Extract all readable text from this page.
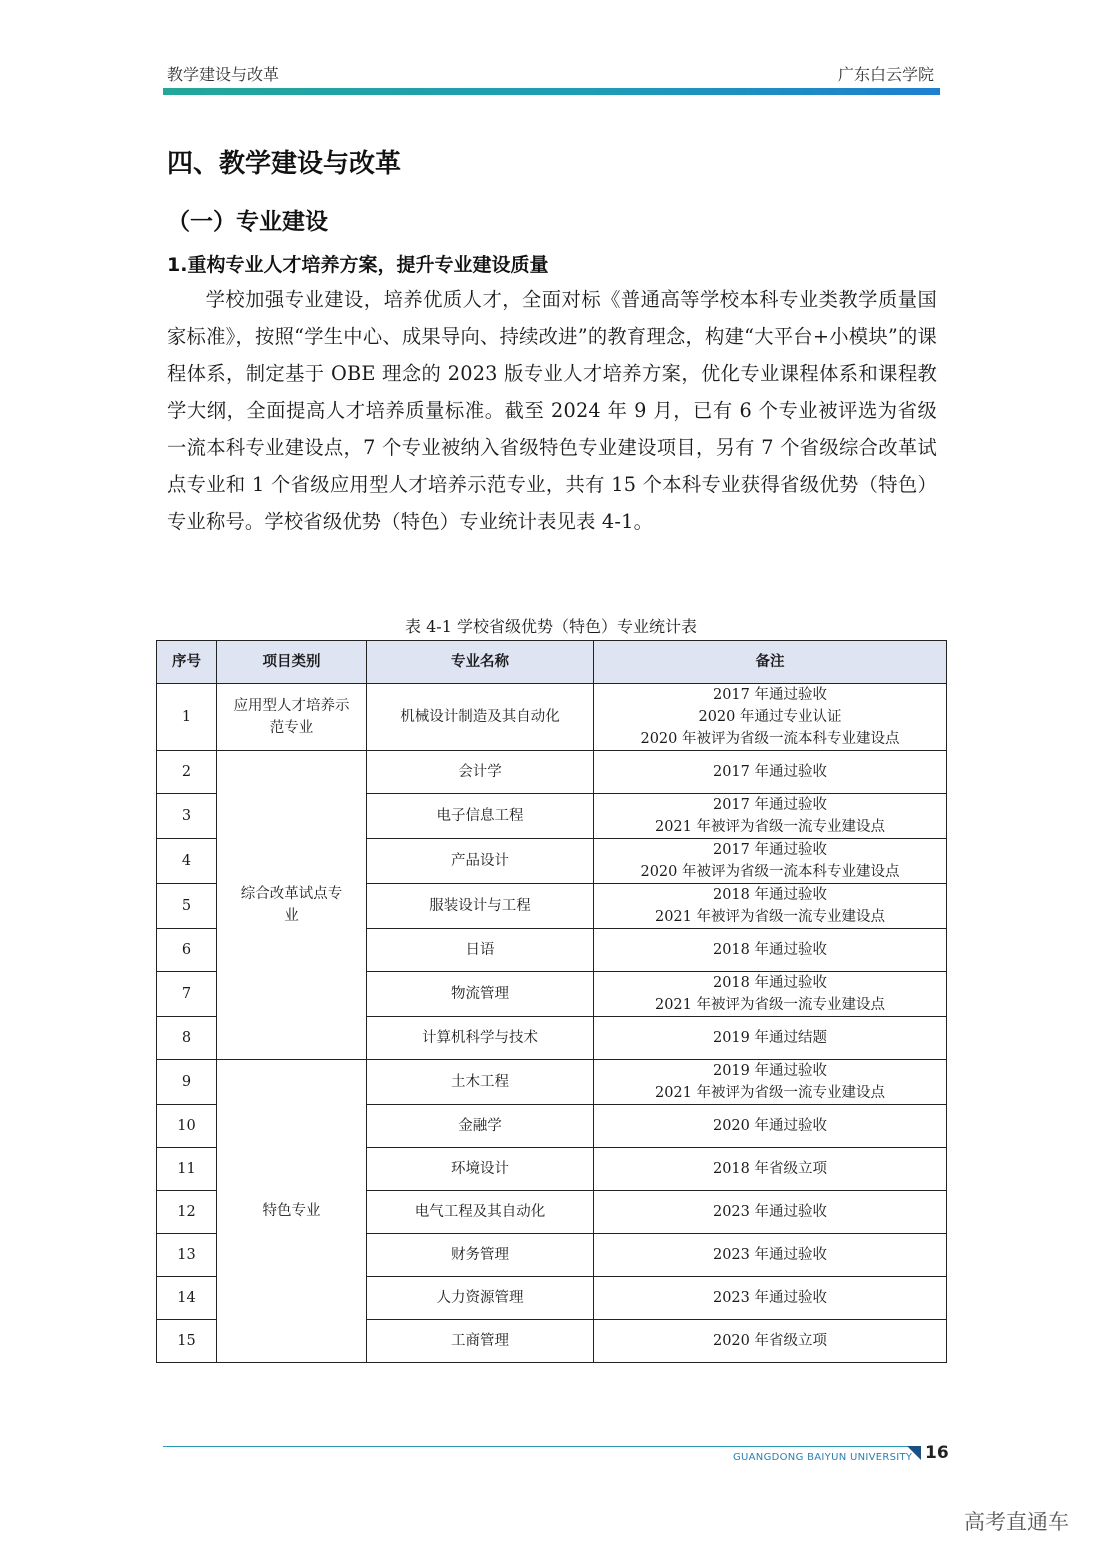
教学建设与改革	广东白云学院
四、教学建设与改革
（一）专业建设
1.重构专业人才培养方案，提升专业建设质量
学校加强专业建设，培养优质人才，全面对标《普通高等学校本科专业类教学质量国家标准》，按照“学生中心、成果导向、持续改进”的教育理念，构建“大平台+小模块”的课程体系，制定基于 OBE 理念的 2023 版专业人才培养方案，优化专业课程体系和课程教学大纲，全面提高人才培养质量标准。截至 2024 年 9 月，已有 6 个专业被评选为省级一流本科专业建设点，7 个专业被纳入省级特色专业建设项目，另有 7 个省级综合改革试点专业和 1 个省级应用型人才培养示范专业，共有 15 个本科专业获得省级优势（特色）专业称号。学校省级优势（特色）专业统计表见表 4-1。
表 4-1 学校省级优势（特色）专业统计表
序号	项目类别	专业名称	备注
1	应用型人才培养示范专业	机械设计制造及其自动化	2017 年通过验收
2020 年通过专业认证
2020 年被评为省级一流本科专业建设点

2	综合改革试点专业	会计学	2017 年通过验收

3		电子信息工程	2017 年通过验收
2021 年被评为省级一流专业建设点

4		产品设计	2017 年通过验收
2020 年被评为省级一流本科专业建设点

5		服装设计与工程	2018 年通过验收
2021 年被评为省级一流专业建设点

6		日语	2018 年通过验收

7		物流管理	2018 年通过验收
2021 年被评为省级一流专业建设点

8		计算机科学与技术	2019 年通过结题

9	特色专业	土木工程	2019 年通过验收
2021 年被评为省级一流专业建设点

10		金融学	2020 年通过验收

11		环境设计	2018 年省级立项

12		电气工程及其自动化	2023 年通过验收

13		财务管理	2023 年通过验收

14		人力资源管理	2023 年通过验收

15		工商管理	2020 年省级立项
GUANGDONG BAIYUN UNIVERSITY 16
高考直通车
